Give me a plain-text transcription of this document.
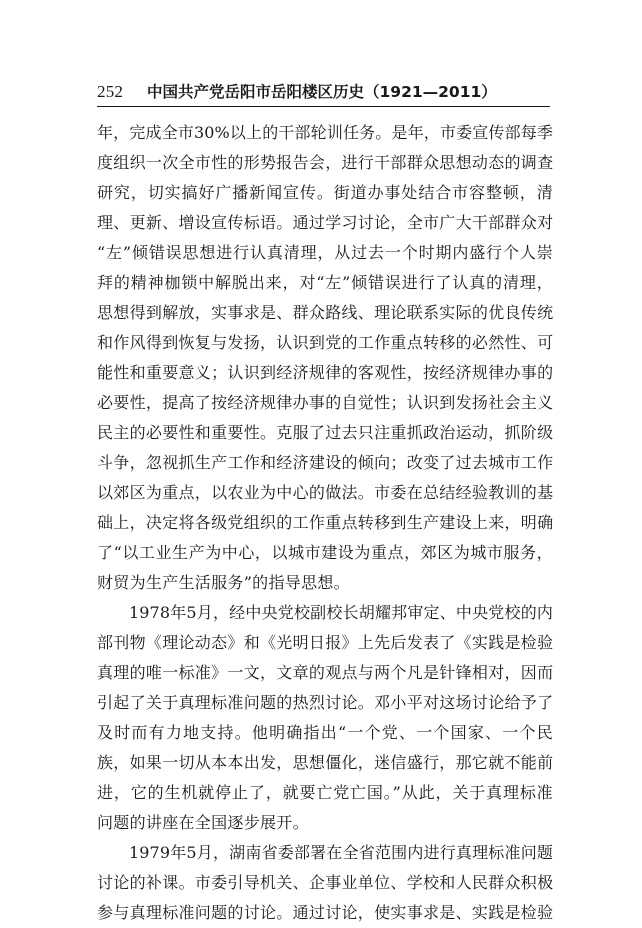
252 中国共产党岳阳市岳阳楼区历史（1921—2011）
年，完成全市30%以上的干部轮训任务。是年，市委宣传部每季
度组织一次全市性的形势报告会，进行干部群众思想动态的调查
研究，切实搞好广播新闻宣传。街道办事处结合市容整顿，清
理、更新、增设宣传标语。通过学习讨论，全市广大干部群众对
“左”倾错误思想进行认真清理，从过去一个时期内盛行个人崇
拜的精神枷锁中解脱出来，对“左”倾错误进行了认真的清理，
思想得到解放，实事求是、群众路线、理论联系实际的优良传统
和作风得到恢复与发扬，认识到党的工作重点转移的必然性、可
能性和重要意义；认识到经济规律的客观性，按经济规律办事的
必要性，提高了按经济规律办事的自觉性；认识到发扬社会主义
民主的必要性和重要性。克服了过去只注重抓政治运动，抓阶级
斗争，忽视抓生产工作和经济建设的倾向；改变了过去城市工作
以郊区为重点，以农业为中心的做法。市委在总结经验教训的基
础上，决定将各级党组织的工作重点转移到生产建设上来，明确
了“以工业生产为中心，以城市建设为重点，郊区为城市服务，
财贸为生产生活服务”的指导思想。
1978年5月，经中央党校副校长胡耀邦审定、中央党校的内
部刊物《理论动态》和《光明日报》上先后发表了《实践是检验
真理的唯一标准》一文，文章的观点与两个凡是针锋相对，因而
引起了关于真理标准问题的热烈讨论。邓小平对这场讨论给予了
及时而有力地支持。他明确指出“一个党、一个国家、一个民
族，如果一切从本本出发，思想僵化，迷信盛行，那它就不能前
进，它的生机就停止了，就要亡党亡国。”从此，关于真理标准
问题的讲座在全国逐步展开。
1979年5月，湖南省委部署在全省范围内进行真理标准问题
讨论的补课。市委引导机关、企事业单位、学校和人民群众积极
参与真理标准问题的讨论。通过讨论，使实事求是、实践是检验
